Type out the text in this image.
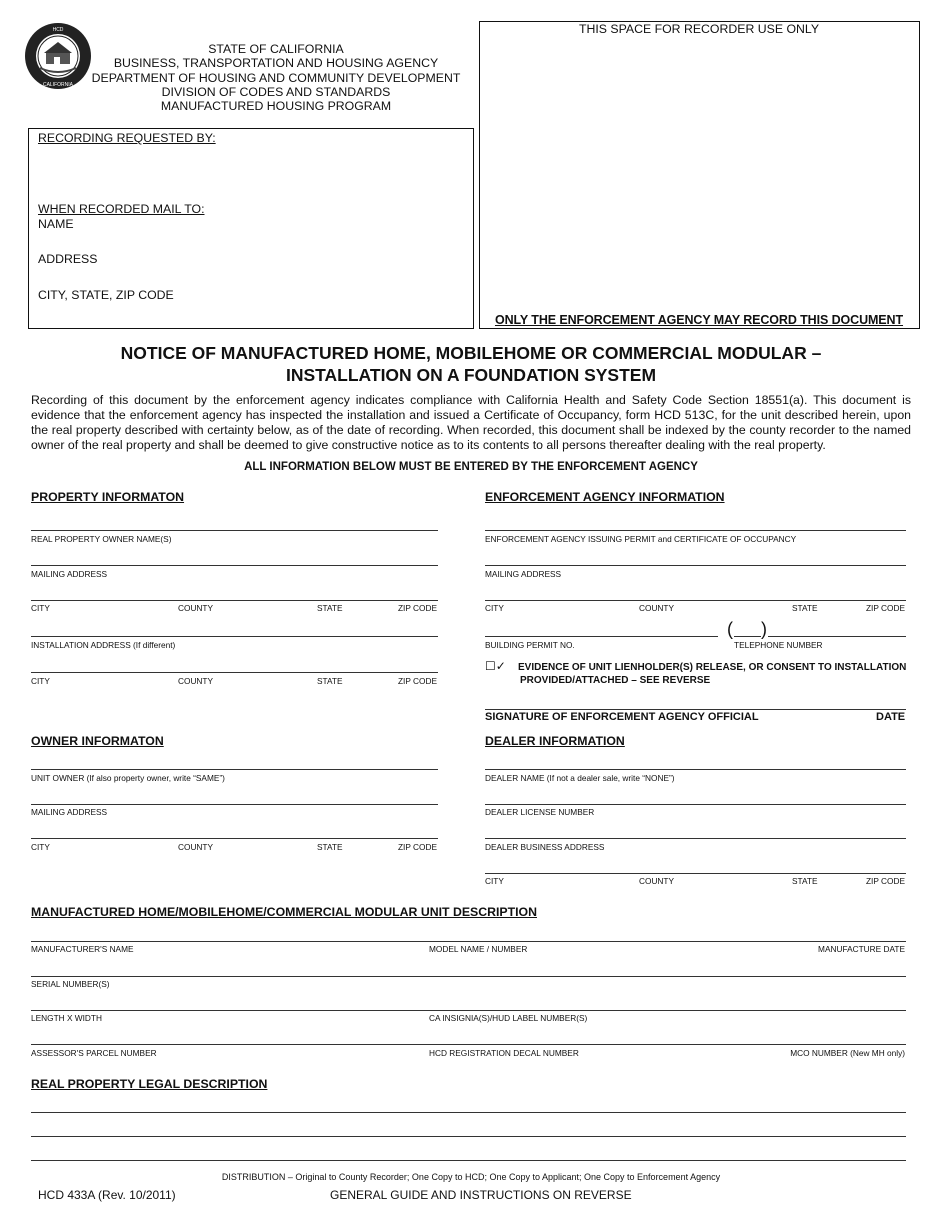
HCD
CALIFORNIA
STATE OF CALIFORNIA
BUSINESS, TRANSPORTATION AND HOUSING AGENCY
DEPARTMENT OF HOUSING AND COMMUNITY DEVELOPMENT
DIVISION OF CODES AND STANDARDS
MANUFACTURED HOUSING PROGRAM
RECORDING REQUESTED BY:
WHEN RECORDED MAIL TO:
NAME
ADDRESS
CITY, STATE, ZIP CODE
THIS SPACE FOR RECORDER USE ONLY
ONLY THE ENFORCEMENT AGENCY MAY RECORD THIS DOCUMENT
NOTICE OF MANUFACTURED HOME, MOBILEHOME OR COMMERCIAL MODULAR –
INSTALLATION ON A FOUNDATION SYSTEM
Recording of this document by the enforcement agency indicates compliance with California Health and Safety Code Section 18551(a). This document is evidence that the enforcement agency has inspected the installation and issued a Certificate of Occupancy, form HCD 513C, for the unit described herein, upon the real property described with certainty below, as of the date of recording. When recorded, this document shall be indexed by the county recorder to the named owner of the real property and shall be deemed to give constructive notice as to its contents to all persons thereafter dealing with the real property.
ALL INFORMATION BELOW MUST BE ENTERED BY THE ENFORCEMENT AGENCY
PROPERTY INFORMATON
REAL PROPERTY OWNER NAME(S)
MAILING ADDRESS
CITY	COUNTY	STATE	ZIP CODE
INSTALLATION ADDRESS (If different)
CITY	COUNTY	STATE	ZIP CODE
ENFORCEMENT AGENCY INFORMATION
ENFORCEMENT AGENCY ISSUING PERMIT and CERTIFICATE OF OCCUPANCY
MAILING ADDRESS
CITY	COUNTY	STATE	ZIP CODE
BUILDING PERMIT NO.
( )
TELEPHONE NUMBER
☐✓ EVIDENCE OF UNIT LIENHOLDER(S) RELEASE, OR CONSENT TO INSTALLATION
PROVIDED/ATTACHED – SEE REVERSE
SIGNATURE OF ENFORCEMENT AGENCY OFFICIAL	DATE
OWNER INFORMATON
UNIT OWNER (If also property owner, write “SAME”)
MAILING ADDRESS
CITY	COUNTY	STATE	ZIP CODE
DEALER INFORMATION
DEALER NAME (If not a dealer sale, write “NONE”)
DEALER LICENSE NUMBER
DEALER BUSINESS ADDRESS
CITY	COUNTY	STATE	ZIP CODE
MANUFACTURED HOME/MOBILEHOME/COMMERCIAL MODULAR UNIT DESCRIPTION
MANUFACTURER'S NAME	MODEL NAME / NUMBER	MANUFACTURE DATE
SERIAL NUMBER(S)
LENGTH X WIDTH	CA INSIGNIA(S)/HUD LABEL NUMBER(S)
ASSESSOR'S PARCEL NUMBER	HCD REGISTRATION DECAL NUMBER	MCO NUMBER (New MH only)
REAL PROPERTY LEGAL DESCRIPTION
DISTRIBUTION – Original to County Recorder; One Copy to HCD; One Copy to Applicant; One Copy to Enforcement Agency
HCD 433A (Rev. 10/2011)	GENERAL GUIDE AND INSTRUCTIONS ON REVERSE
